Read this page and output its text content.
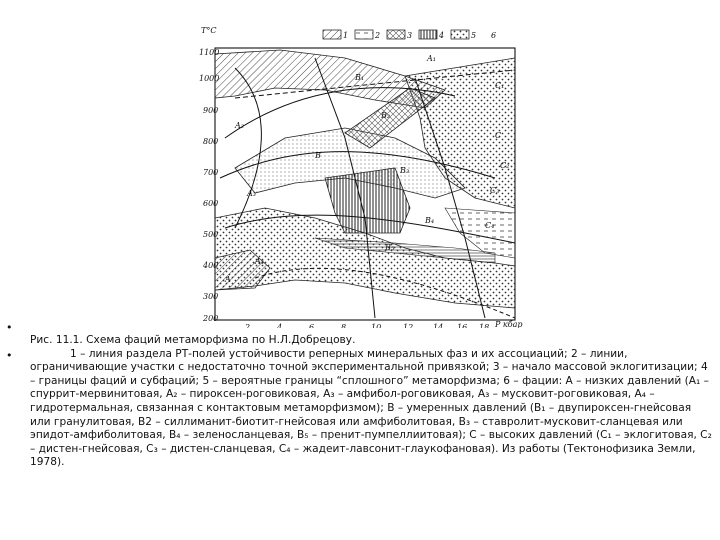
1	2	3	4	5 6
T°C
1100
1000
900
800
700
600
500
400
300
200
2	4	6	8	10	12 14 16 18 P кбар
A
A₁
A₂
A₃
A₄
B
B₁
B₂
B₃
B₄
B₅
C
C₁
C₂
C₃
C₄
•
•

Рис. 11.1. Схема фаций метаморфизма по Н.Л.Добрецову.

1 – линия раздела РТ-полей устойчивости реперных минеральных фаз и их ассоциаций; 2 – линии, ограничивающие участки с недостаточно точной экспериментальной привязкой; 3 – начало массовой эклогитизации; 4 – границы фаций и субфаций; 5 – вероятные границы “сплошного” метаморфизма; 6 – фации: А – низких давлений (А₁ – спуррит-мервинитовая, А₂ – пироксен-роговиковая, А₃ – амфибол-роговиковая, А₃ – мусковит-роговиковая, А₄ – гидротермальная, связанная с контактовым метаморфизмом); В – умеренных давлений (В₁ – двупироксен-гнейсовая или гранулитовая, В2 – силлиманит-биотит-гнейсовая или амфиболитовая, В₃ – ставролит-мусковит-сланцевая или эпидот-амфиболитовая, В₄ – зеленосланцевая, В₅ – пренит-пумпеллиитовая); С – высоких давлений (С₁ – эклогитовая, С₂ – дистен-гнейсовая, С₃ – дистен-сланцевая, С₄ – жадеит-лавсонит-глаукофановая). Из работы (Тектонофизика Земли, 1978).
